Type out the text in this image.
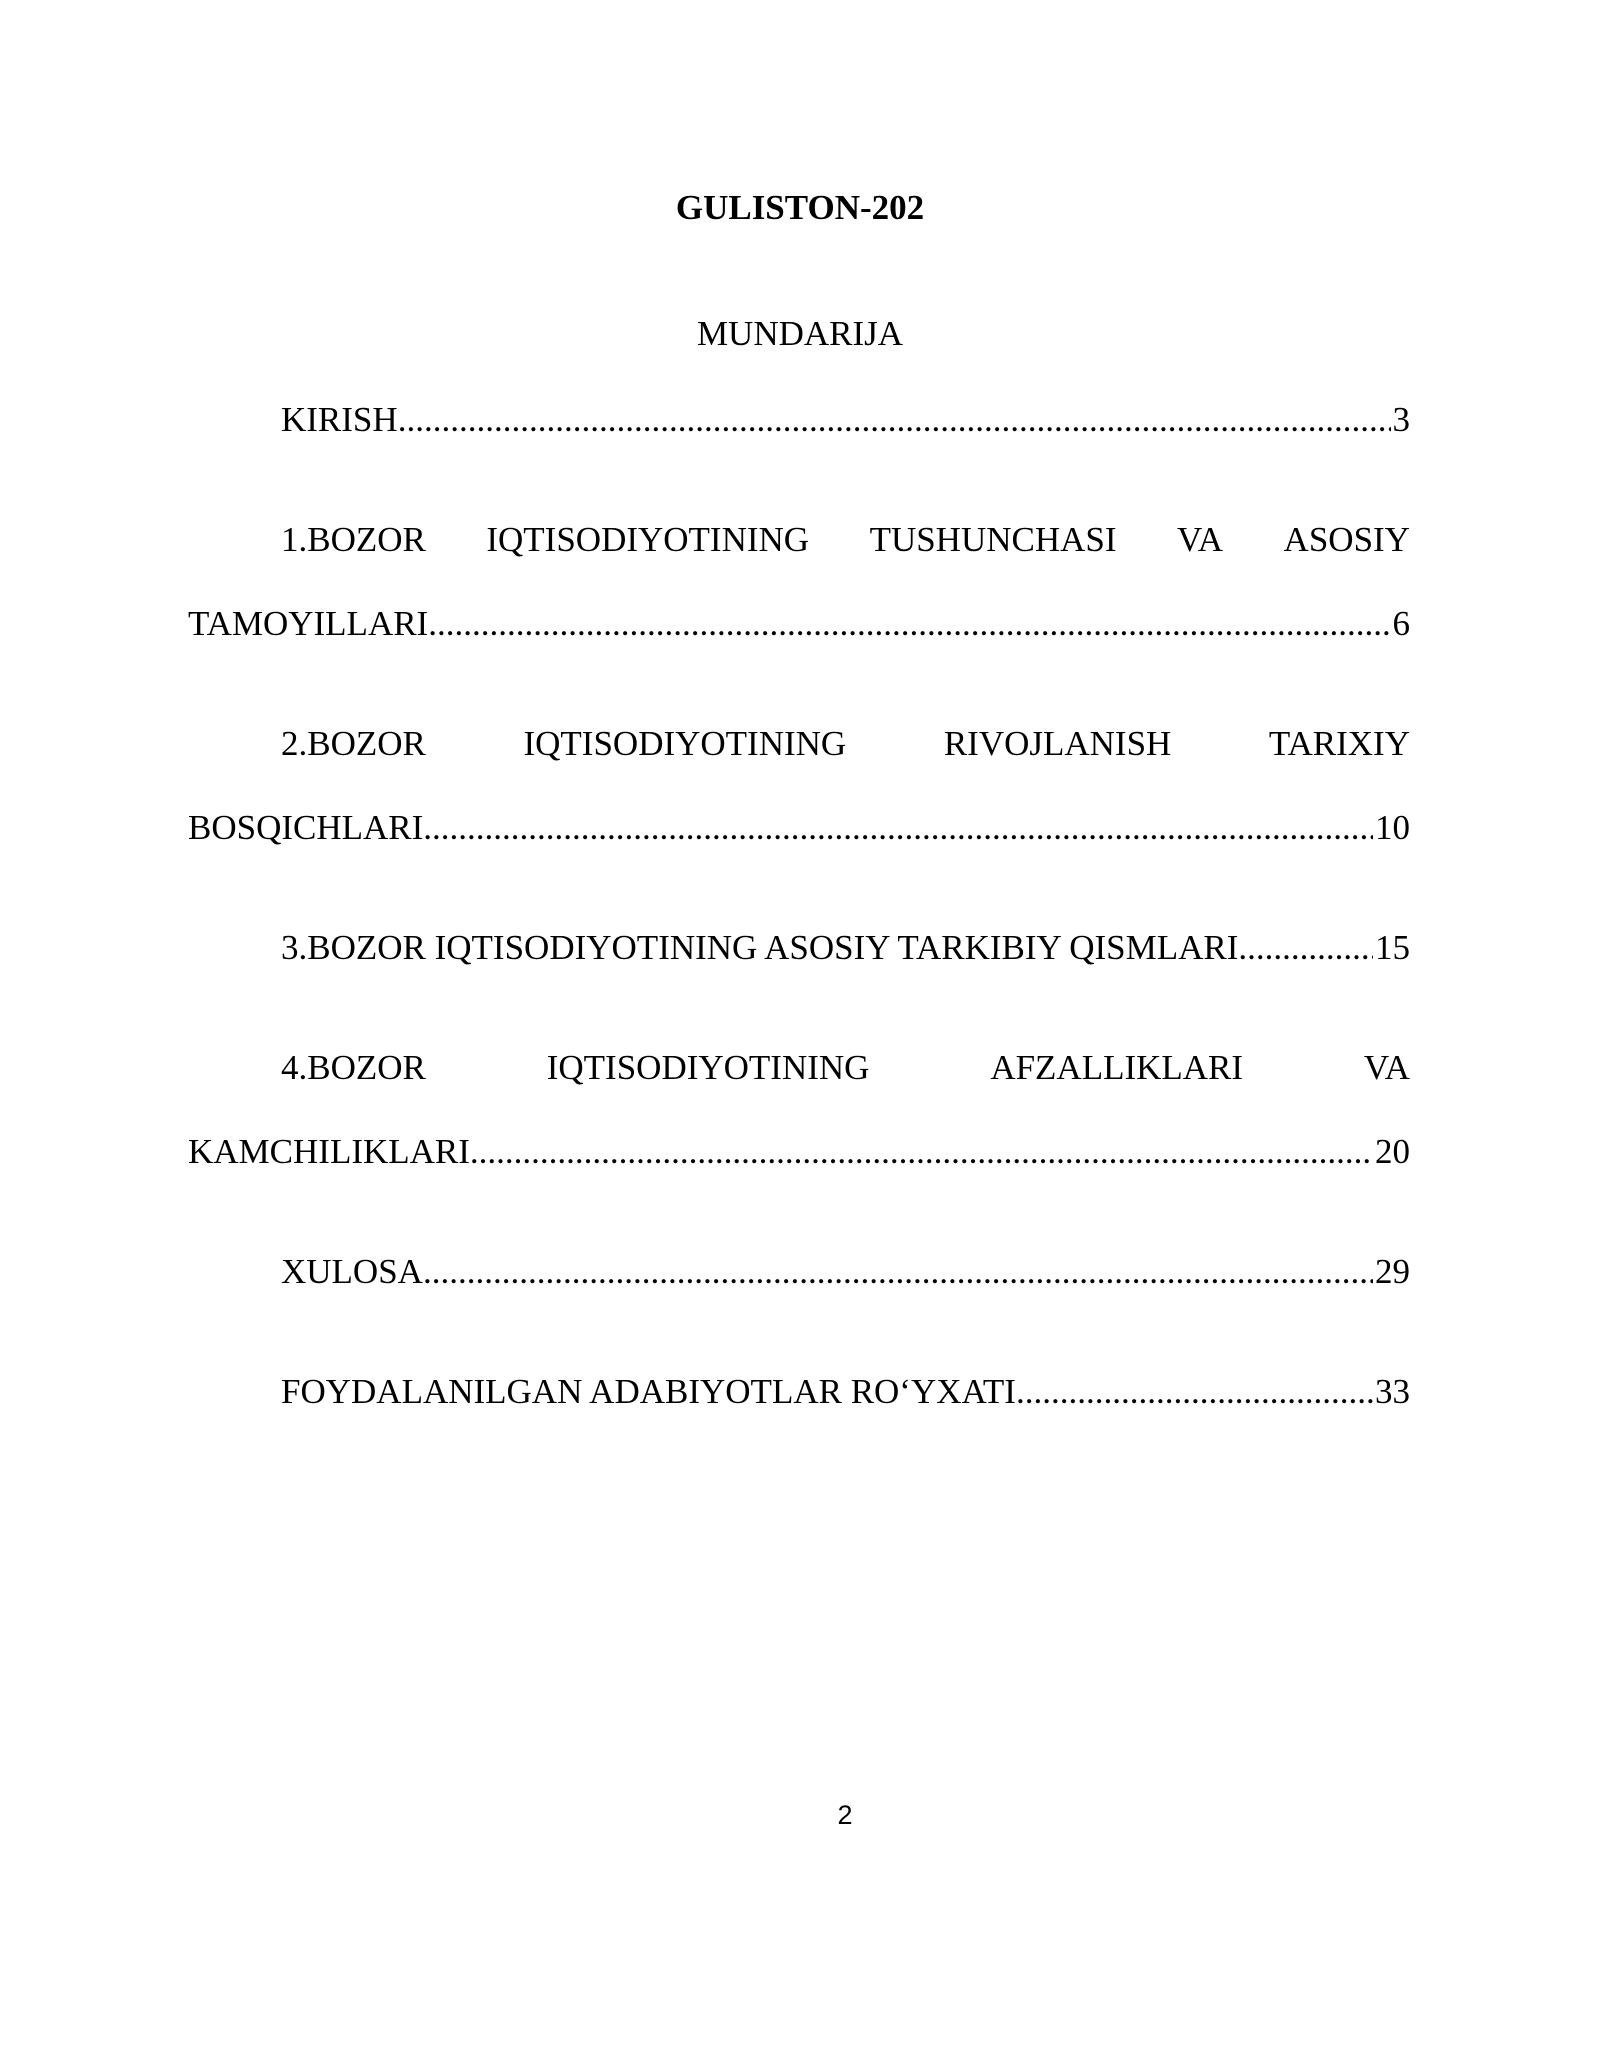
GULISTON-202
MUNDARIJA
KIRISH .....	3
1.BOZOR IQTISODIYOTINING TUSHUNCHASI VA ASOSIY
TAMOYILLARI .....	6
2.BOZOR	IQTISODIYOTINING	RIVOJLANISH	TARIXIY
BOSQICHLARI .....	10
3.BOZOR IQTISODIYOTINING ASOSIY TARKIBIY QISMLARI .....	15
4.BOZOR	IQTISODIYOTINING	AFZALLIKLARI	VA
KAMCHILIKLARI .....	20
XULOSA .....	29
FOYDALANILGAN ADABIYOTLAR RO‘YXATI .....	33
2
